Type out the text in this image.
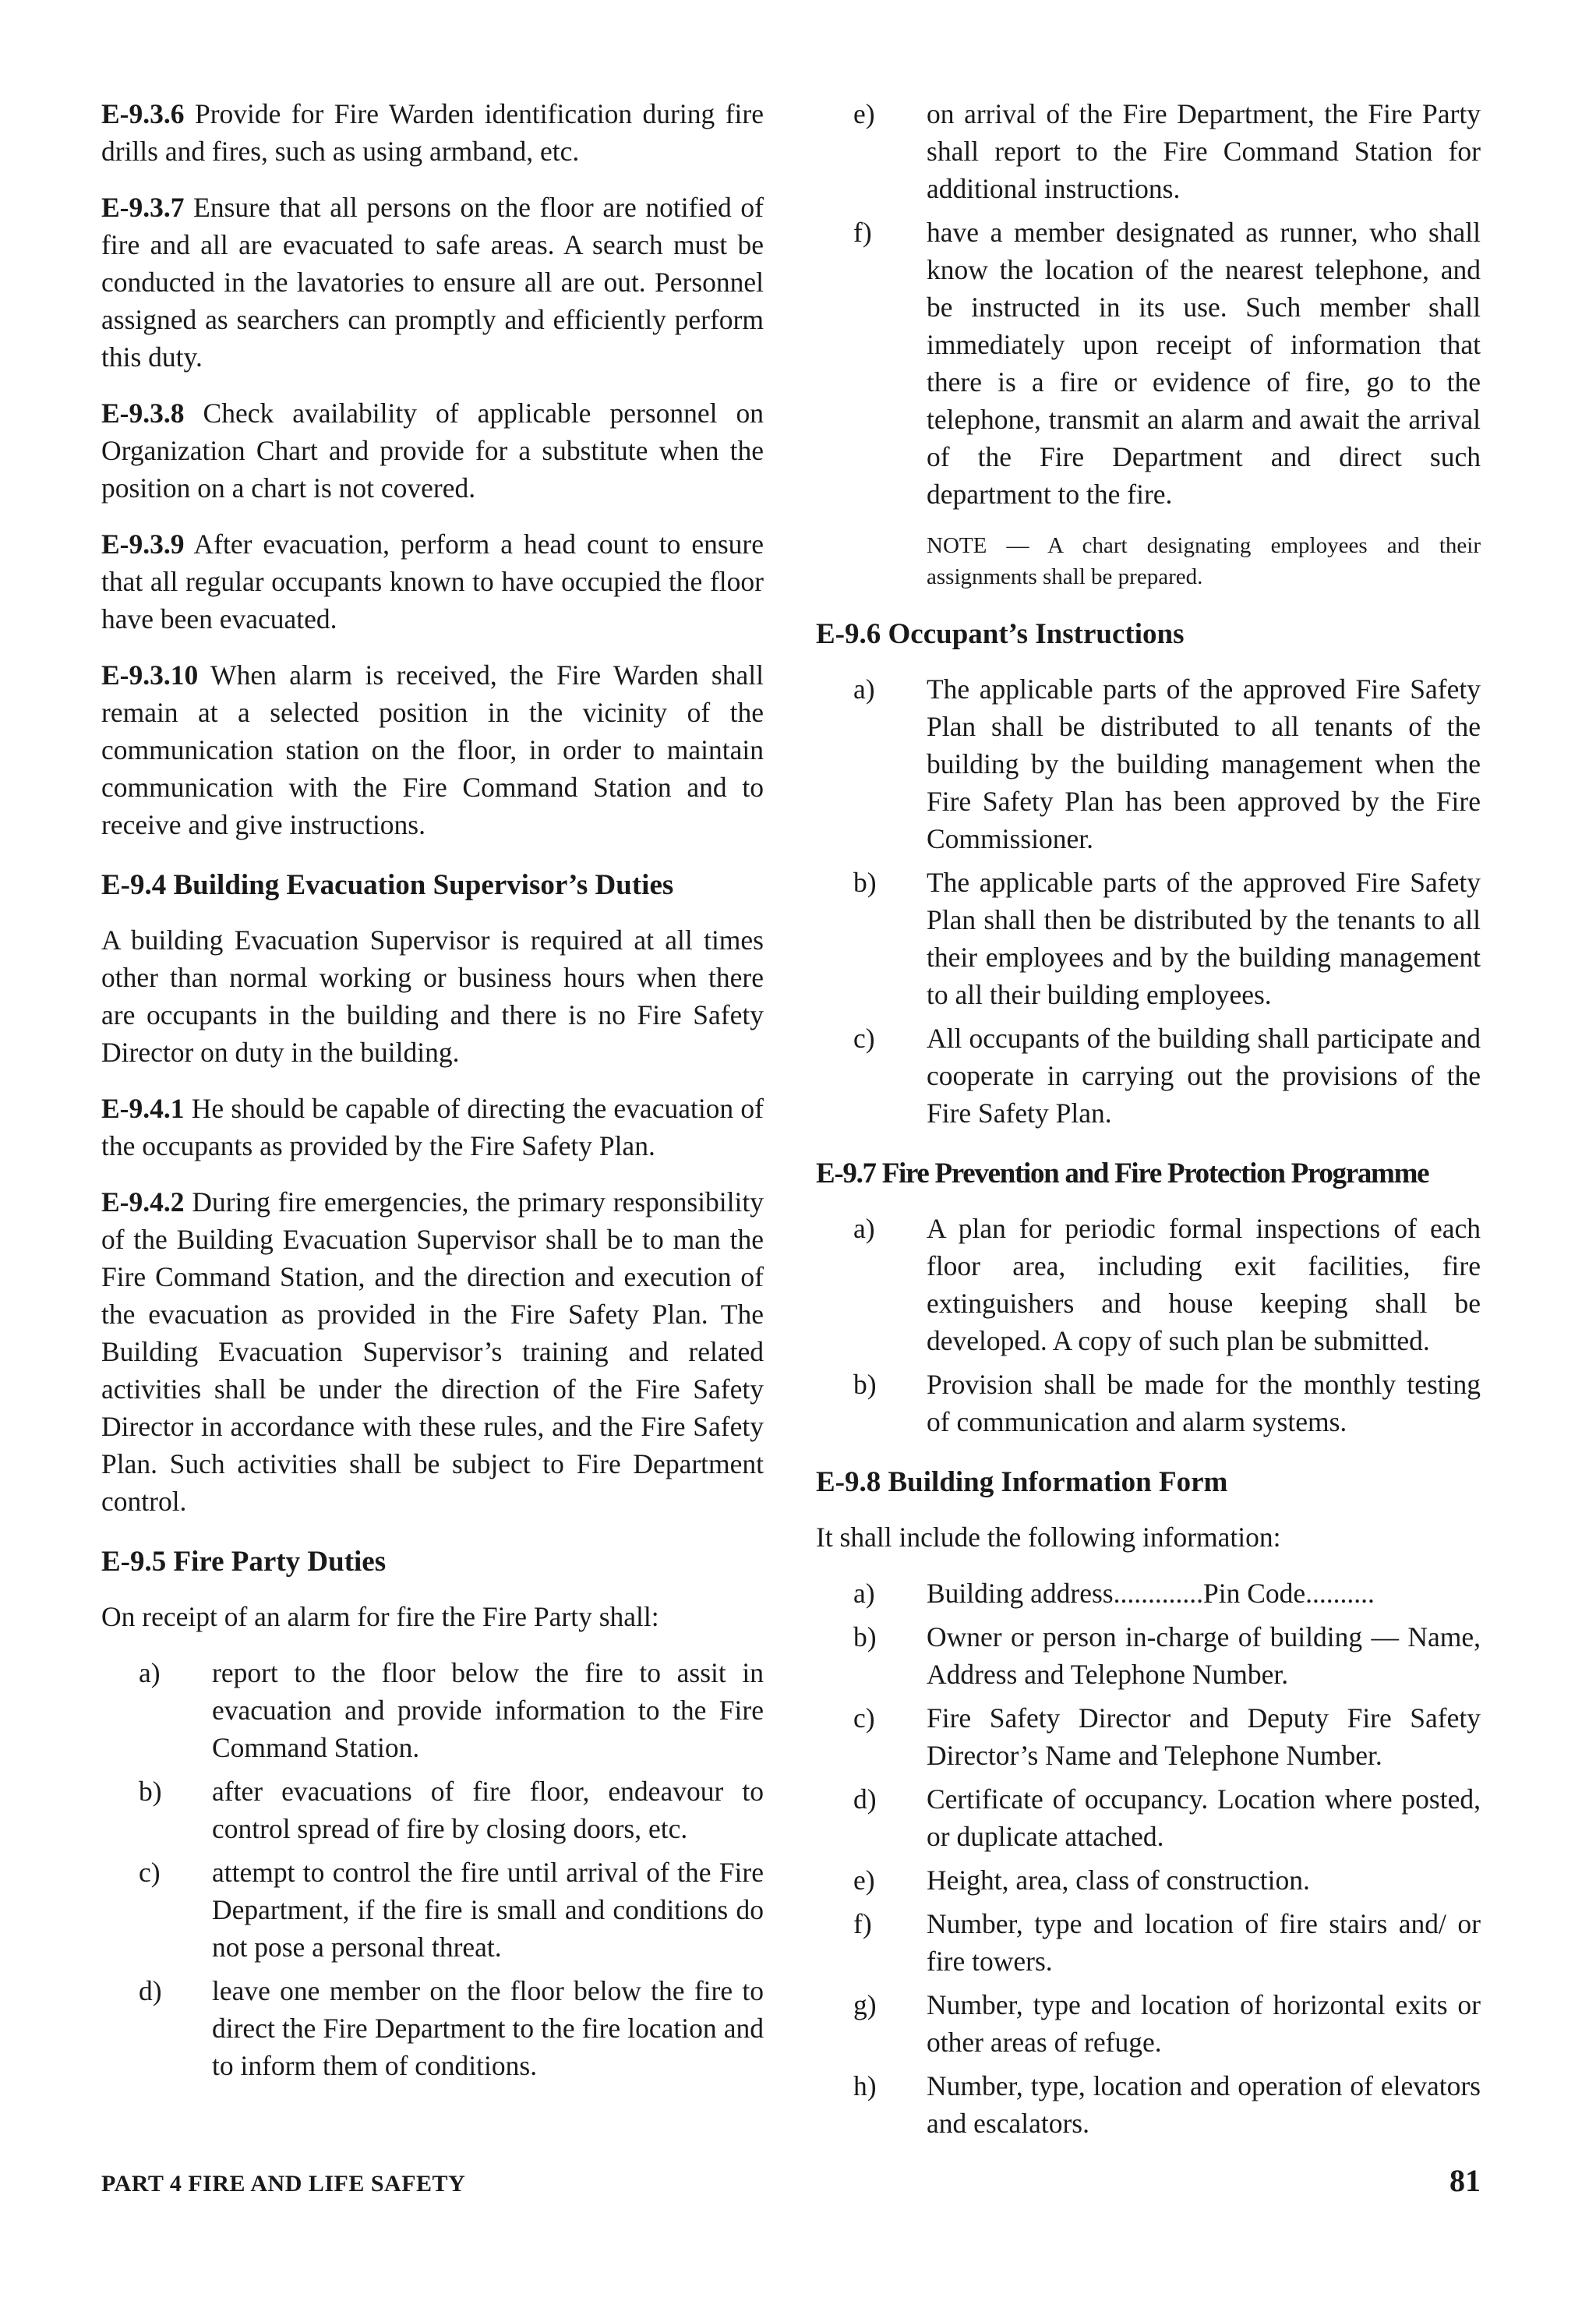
E-9.3.6 Provide for Fire Warden identification during fire drills and fires, such as using armband, etc.

E-9.3.7 Ensure that all persons on the floor are notified of fire and all are evacuated to safe areas. A search must be conducted in the lavatories to ensure all are out. Personnel assigned as searchers can promptly and efficiently perform this duty.

E-9.3.8 Check availability of applicable personnel on Organization Chart and provide for a substitute when the position on a chart is not covered.

E-9.3.9 After evacuation, perform a head count to ensure that all regular occupants known to have occupied the floor have been evacuated.

E-9.3.10 When alarm is received, the Fire Warden shall remain at a selected position in the vicinity of the communication station on the floor, in order to maintain communication with the Fire Command Station and to receive and give instructions.

E-9.4 Building Evacuation Supervisor’s Duties

A building Evacuation Supervisor is required at all times other than normal working or business hours when there are occupants in the building and there is no Fire Safety Director on duty in the building.

E-9.4.1 He should be capable of directing the evacuation of the occupants as provided by the Fire Safety Plan.

E-9.4.2 During fire emergencies, the primary responsibility of the Building Evacuation Supervisor shall be to man the Fire Command Station, and the direction and execution of the evacuation as provided in the Fire Safety Plan. The Building Evacuation Supervisor’s training and related activities shall be under the direction of the Fire Safety Director in accordance with these rules, and the Fire Safety Plan. Such activities shall be subject to Fire Department control.

E-9.5 Fire Party Duties

On receipt of an alarm for fire the Fire Party shall:

a)	report to the floor below the fire to assit in evacuation and provide information to the Fire Command Station.
b)	after evacuations of fire floor, endeavour to control spread of fire by closing doors, etc.
c)	attempt to control the fire until arrival of the Fire Department, if the fire is small and conditions do not pose a personal threat.
d)	leave one member on the floor below the fire to direct the Fire Department to the fire location and to inform them of conditions.
e)	on arrival of the Fire Department, the Fire Party shall report to the Fire Command Station for additional instructions.
f)	have a member designated as runner, who shall know the location of the nearest telephone, and be instructed in its use. Such member shall immediately upon receipt of information that there is a fire or evidence of fire, go to the telephone, transmit an alarm and await the arrival of the Fire Department and direct such department to the fire.

NOTE — A chart designating employees and their assignments shall be prepared.

E-9.6 Occupant’s Instructions
a)	The applicable parts of the approved Fire Safety Plan shall be distributed to all tenants of the building by the building management when the Fire Safety Plan has been approved by the Fire Commissioner.
b)	The applicable parts of the approved Fire Safety Plan shall then be distributed by the tenants to all their employees and by the building management to all their building employees.
c)	All occupants of the building shall participate and cooperate in carrying out the provisions of the Fire Safety Plan.
E-9.7 Fire Prevention and Fire Protection Programme
a)	A plan for periodic formal inspections of each floor area, including exit facilities, fire extinguishers and house keeping shall be developed. A copy of such plan be submitted.
b)	Provision shall be made for the monthly testing of communication and alarm systems.
E-9.8 Building Information Form

It shall include the following information:

a)	Building address.............Pin Code..........
b)	Owner or person in-charge of building — Name, Address and Telephone Number.
c)	Fire Safety Director and Deputy Fire Safety Director’s Name and Telephone Number.
d)	Certificate of occupancy. Location where posted, or duplicate attached.
e)	Height, area, class of construction.
f)	Number, type and location of fire stairs and/ or fire towers.
g)	Number, type and location of horizontal exits or other areas of refuge.
h)	Number, type, location and operation of elevators and escalators.
PART 4 FIRE AND LIFE SAFETY	81
